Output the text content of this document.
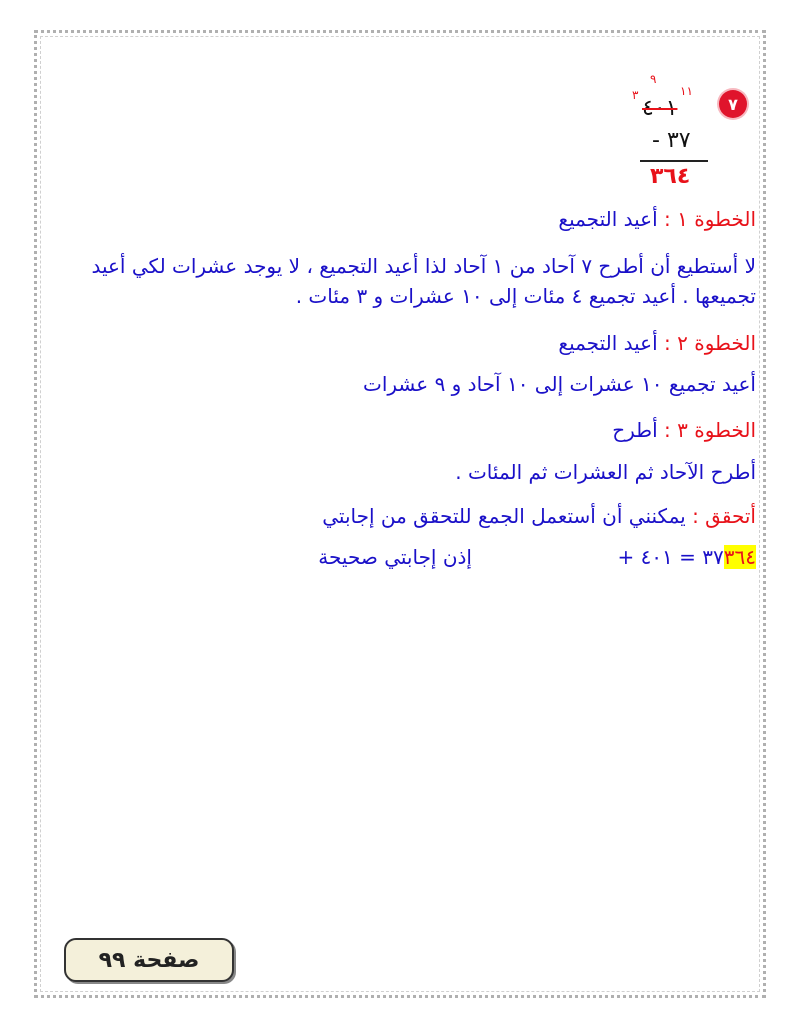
٧
٩
١١
٣
٤٠١
٣٧ -
٣٦٤
الخطوة ١ : أعيد التجميع
لا أستطيع أن أطرح ٧ آحاد من ١ آحاد لذا أعيد التجميع ، لا يوجد عشرات لكي أعيد
تجميعها . أعيد تجميع ٤ مئات إلى ١٠ عشرات و ٣ مئات .
الخطوة ٢ : أعيد التجميع
أعيد تجميع ١٠ عشرات إلى ١٠ آحاد و ٩ عشرات
الخطوة ٣ : أطرح
أطرح الآحاد ثم العشرات ثم المئات .
أتحقق : يمكنني أن أستعمل الجمع للتحقق من إجابتي
٣٦٤+ ٣٧ = ٤٠١
إذن إجابتي صحيحة
صفحة ٩٩
